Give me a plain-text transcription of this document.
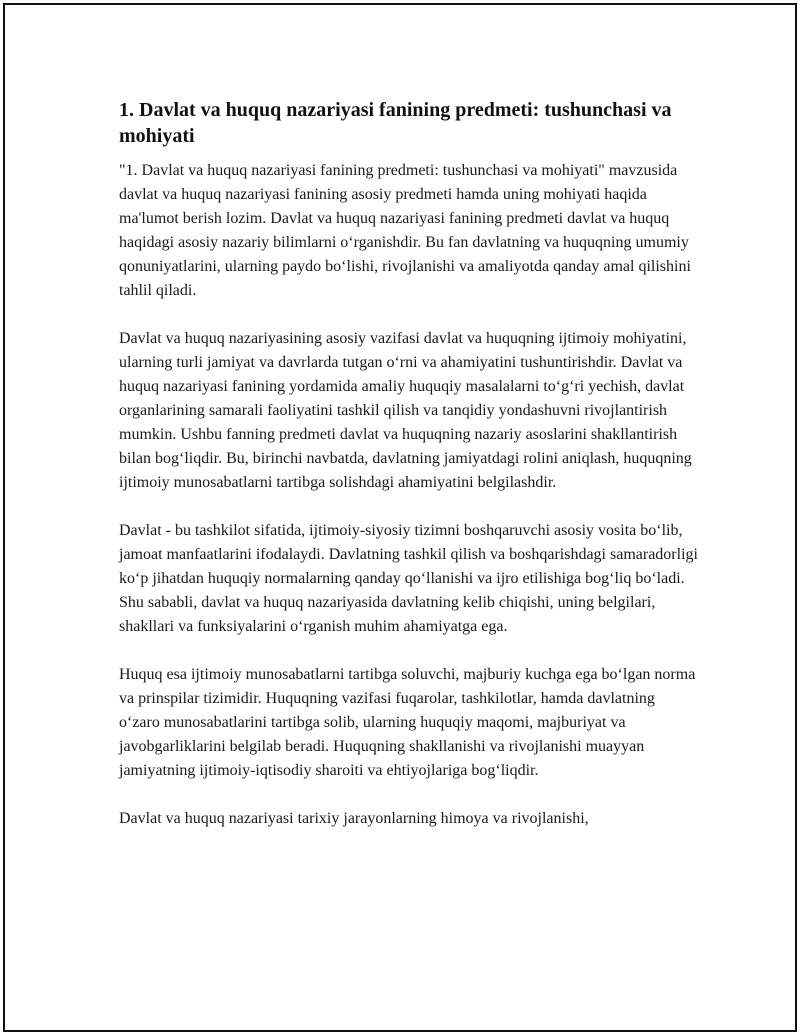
1. Davlat va huquq nazariyasi fanining predmeti: tushunchasi va mohiyati

"1. Davlat va huquq nazariyasi fanining predmeti: tushunchasi va mohiyati" mavzusida davlat va huquq nazariyasi fanining asosiy predmeti hamda uning mohiyati haqida ma'lumot berish lozim. Davlat va huquq nazariyasi fanining predmeti davlat va huquq haqidagi asosiy nazariy bilimlarni oʻrganishdir. Bu fan davlatning va huquqning umumiy qonuniyatlarini, ularning paydo boʻlishi, rivojlanishi va amaliyotda qanday amal qilishini tahlil qiladi.

Davlat va huquq nazariyasining asosiy vazifasi davlat va huquqning ijtimoiy mohiyatini, ularning turli jamiyat va davrlarda tutgan oʻrni va ahamiyatini tushuntirishdir. Davlat va huquq nazariyasi fanining yordamida amaliy huquqiy masalalarni toʻgʻri yechish, davlat organlarining samarali faoliyatini tashkil qilish va tanqidiy yondashuvni rivojlantirish mumkin. Ushbu fanning predmeti davlat va huquqning nazariy asoslarini shakllantirish bilan bogʻliqdir. Bu, birinchi navbatda, davlatning jamiyatdagi rolini aniqlash, huquqning ijtimoiy munosabatlarni tartibga solishdagi ahamiyatini belgilashdir.

Davlat - bu tashkilot sifatida, ijtimoiy-siyosiy tizimni boshqaruvchi asosiy vosita boʻlib, jamoat manfaatlarini ifodalaydi. Davlatning tashkil qilish va boshqarishdagi samaradorligi koʻp jihatdan huquqiy normalarning qanday qoʻllanishi va ijro etilishiga bogʻliq boʻladi. Shu sababli, davlat va huquq nazariyasida davlatning kelib chiqishi, uning belgilari, shakllari va funksiyalarini oʻrganish muhim ahamiyatga ega.

Huquq esa ijtimoiy munosabatlarni tartibga soluvchi, majburiy kuchga ega boʻlgan norma va prinspilar tizimidir. Huquqning vazifasi fuqarolar, tashkilotlar, hamda davlatning oʻzaro munosabatlarini tartibga solib, ularning huquqiy maqomi, majburiyat va javobgarliklarini belgilab beradi. Huquqning shakllanishi va rivojlanishi muayyan jamiyatning ijtimoiy-iqtisodiy sharoiti va ehtiyojlariga bogʻliqdir.

Davlat va huquq nazariyasi tarixiy jarayonlarning himoya va rivojlanishi,
